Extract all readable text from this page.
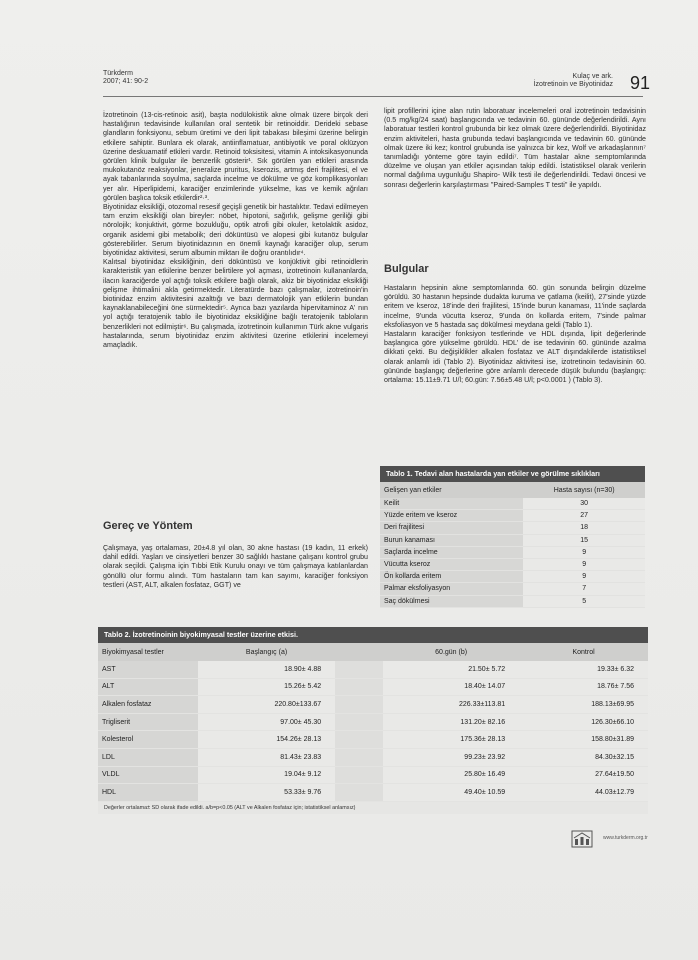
Türkderm
2007; 41: 90-2
Kulaç ve ark.
İzotretinoin ve Biyotinidaz 91

İzotretinoin (13-cis-retinoic asit), başta nodülokistik akne olmak üzere birçok deri hastalığının tedavisinde kullanılan oral sentetik bir retinoiddir. Derideki sebase glandların fonksiyonu, sebum üretimi ve deri lipit tabakası bileşimi üzerine belirgin etkilere sahiptir. Bunlara ek olarak, antiinflamatuar, antibiyotik ve poral oklüzyon üzerine deskuamatif etkileri vardır. Retinoid toksisitesi, vitamin A intoksikasyonunda görülen klinik bulgular ile benzerlik gösterir¹. Sık görülen yan etkileri arasında mukokutanöz reaksiyonlar, jeneralize pruritus, kserozis, artmış deri frajilitesi, el ve ayak tabanlarında soyulma, saçlarda incelme ve dökülme ve göz komplikasyonları yer alır. Hiperlipidemi, karaciğer enzimlerinde yükselme, kas ve kemik ağrıları görülen başlıca toksik etkilerdir²·³.

Biyotinidaz eksikliği, otozomal resesif geçişli genetik bir hastalıktır. Tedavi edilmeyen tam enzim eksikliği olan bireyler: nöbet, hipotoni, sağırlık, gelişme geriliği gibi nörolojik; konjuktivit, görme bozukluğu, optik atrofi gibi okuler, ketolaktik asidoz, organik asidemi gibi metabolik; deri döküntüsü ve alopesi gibi kutanöz bulgular gösterebilirler. Serum biyotinidazının en önemli kaynağı karaciğer olup, serum biyotinidaz aktivitesi, serum albumin miktarı ile doğru orantılıdır⁴.

Kalıtsal biyotinidaz eksikliğinin, deri döküntüsü ve konjüktivit gibi retinoidlerin karakteristik yan etkilerine benzer belirtilere yol açması, izotretinoin kullananlarda, ilacın karaciğerde yol açtığı toksik etkilere bağlı olarak, akiz bir biyotinidaz eksikliği gelişme ihtimalini akla getirmektedir. Literatürde bazı çalışmalar, izotretinoin'in biotinidaz enzim aktivitesini azalttığı ve bazı dermatolojik yan etkilerin bundan kaynaklanabileceğini öne sürmektedir⁵. Ayrıca bazı yazılarda hipervitaminoz A' nın yol açtığı teratojenik tablo ile biyotinidaz eksikliğine bağlı teratojenik tabloların benzerlikleri not edilmiştir⁶. Bu çalışmada, izotretinoin kullanımın Türk akne vulgaris hastalarında, serum biyotinidaz enzim aktivitesi üzerine etkilerini incelemeyi amaçladık.

Gereç ve Yöntem

Çalışmaya, yaş ortalaması, 20±4.8 yıl olan, 30 akne hastası (19 kadın, 11 erkek) dahil edildi. Yaşları ve cinsiyetleri benzer 30 sağlıklı hastane çalışanı kontrol grubu olarak seçildi. Çalışma için Tıbbi Etik Kurulu onayı ve tüm çalışmaya katılanlardan gönüllü olur formu alındı. Tüm hastaların tam kan sayımı, karaciğer fonksiyon testleri (AST, ALT, alkalen fosfataz, GGT) ve

lipit profillerini içine alan rutin laboratuar incelemeleri oral izotretinoin tedavisinin (0.5 mg/kg/24 saat) başlangıcında ve tedavinin 60. gününde değerlendirildi. Aynı laboratuar testleri kontrol grubunda bir kez olmak üzere değerlendirildi. Biyotinidaz enzim aktiviteleri, hasta grubunda tedavi başlangıcında ve tedavinin 60. gününde olmak üzere iki kez; kontrol grubunda ise yalnızca bir kez, Wolf ve arkadaşlarının⁷ tanımladığı yönteme göre tayin edildi⁷. Tüm hastalar akne semptomlarında düzelme ve oluşan yan etkiler açısından takip edildi. İstatistiksel olarak verilerin normal dağılıma uygunluğu Shapiro- Wilk testi ile değerlendirildi. Tedavi öncesi ve sonrası değerlerin karşılaştırması "Paired-Samples T testi" ile yapıldı.

Bulgular

Hastaların hepsinin akne semptomlarında 60. gün sonunda belirgin düzelme görüldü. 30 hastanın hepsinde dudakta kuruma ve çatlama (keilit), 27'sinde yüzde eritem ve kseroz, 18'inde deri frajilitesi, 15'inde burun kanaması, 11'inde saçlarda incelme, 9'unda vücutta kseroz, 9'unda ön kollarda eritem, 7'sinde palmar eksfoliasyon ve 5 hastada saç dökülmesi meydana geldi (Tablo 1).

Hastaların karaciğer fonksiyon testlerinde ve HDL dışında, lipit değerlerinde başlangıca göre yükselme görüldü. HDL' de ise tedavinin 60. gününde azalma dikkati çekti. Bu değişiklikler alkalen fosfataz ve ALT dışındakilerde istatistiksel olarak anlamlı idi (Tablo 2). Biyotinidaz aktivitesi ise, izotretinoin tedavisinin 60. gününde başlangıç değerlerine göre anlamlı derecede düşük bulundu (başlangıç: ortalama: 15.11±9.71 U/l; 60.gün: 7.56±5.48 U/l; p<0.0001 ) (Tablo 3).

Tablo 1. Tedavi alan hastalarda yan etkiler ve görülme sıklıkları
Gelişen yan etkiler	Hasta sayısı (n=30)
Keilit	30
Yüzde eritem ve kseroz	27
Deri frajilitesi	18
Burun kanaması	15
Saçlarda incelme	9
Vücutta kseroz	9
Ön kollarda eritem	9
Palmar eksfoliyasyon	7
Saç dökülmesi	5
Tablo 2. İzotretinoinin biyokimyasal testler üzerine etkisi.
Biyokimyasal testler	Başlangıç (a)		60.gün (b)	Kontrol
AST	18.90± 4.88		21.50± 5.72	19.33± 6.32
ALT	15.26± 5.42		18.40± 14.07	18.76± 7.56
Alkalen fosfataz	220.80±133.67		226.33±113.81	188.13±69.95
Trigliserit	97.00± 45.30		131.20± 82.16	126.30±66.10
Kolesterol	154.26± 28.13		175.36± 28.13	158.80±31.89
LDL	81.43± 23.83		99.23± 23.92	84.30±32.15
VLDL	19.04± 9.12		25.80± 16.49	27.64±19.50
HDL	53.33± 9.76		49.40± 10.59	44.03±12.79
Değerler ortalama± SD olarak ifade edildi. a/b=p<0.05 (ALT ve Alkalen fosfataz için; istatistiksel anlamsız)
www.turkderm.org.tr
